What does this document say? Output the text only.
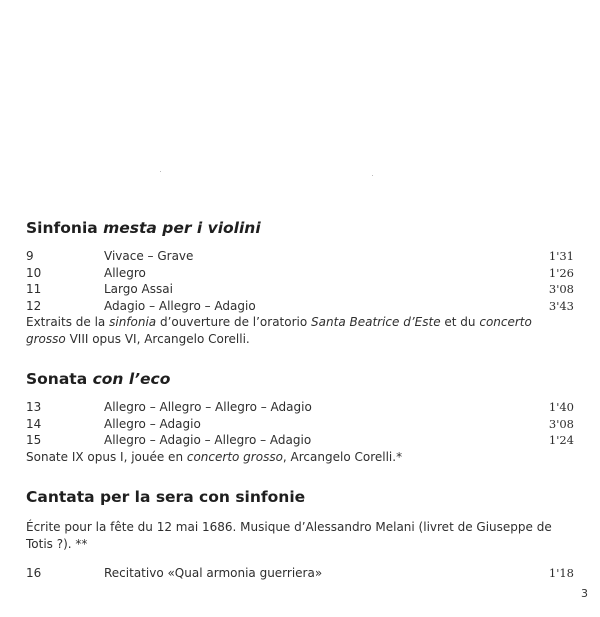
Sinfonia mesta per i violini
9	Vivace – Grave	1'31
10	Allegro	1'26
11	Largo Assai	3'08
12	Adagio – Allegro – Adagio	3'43

Extraits de la sinfonia d’ouverture de l’oratorio Santa Beatrice d’Este et du concerto grosso VIII opus VI, Arcangelo Corelli.

Sonata con l’eco
13	Allegro – Allegro – Allegro – Adagio	1'40
14	Allegro – Adagio	3'08
15	Allegro – Adagio – Allegro – Adagio	1'24

Sonate IX opus I, jouée en concerto grosso, Arcangelo Corelli.*

Cantata per la sera con sinfonie

Écrite pour la fête du 12 mai 1686. Musique d’Alessandro Melani (livret de Giuseppe de Totis ?). **

16	Recitativo «Qual armonia guerriera»	1'18
3
